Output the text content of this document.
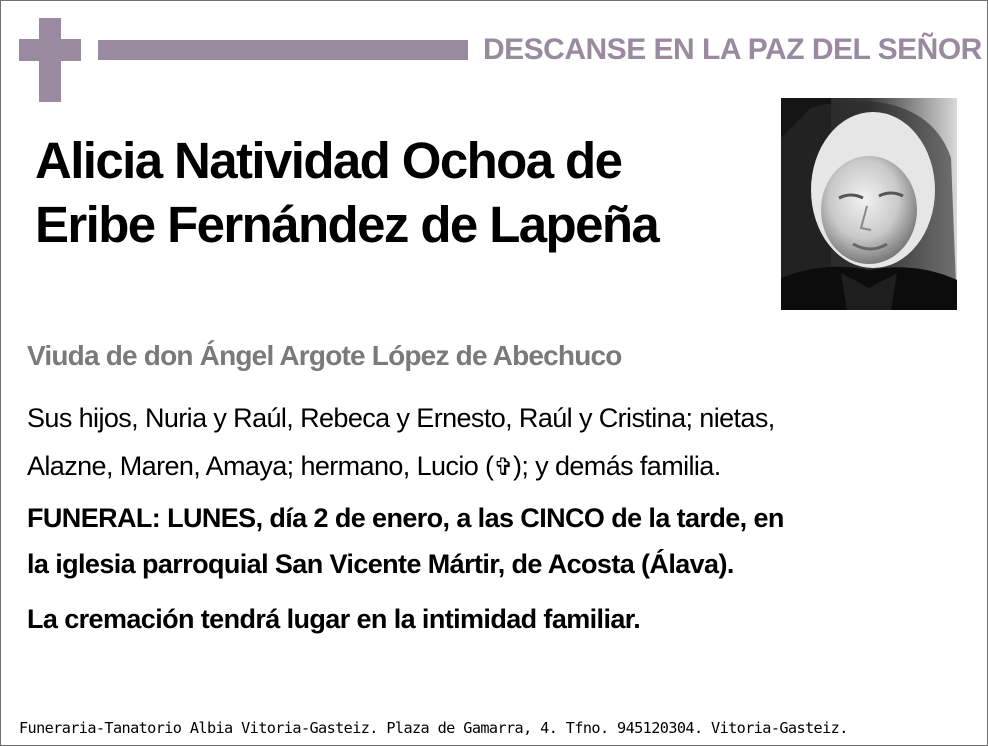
DESCANSE EN LA PAZ DEL SEÑOR
Alicia Natividad Ochoa de
Eribe Fernández de Lapeña
Viuda de don Ángel Argote López de Abechuco
Sus hijos, Nuria y Raúl, Rebeca y Ernesto, Raúl y Cristina; nietas,
Alazne, Maren, Amaya; hermano, Lucio (✞); y demás familia.
FUNERAL: LUNES, día 2 de enero, a las CINCO de la tarde, en
la iglesia parroquial San Vicente Mártir, de Acosta (Álava).
La cremación tendrá lugar en la intimidad familiar.
Funeraria-Tanatorio Albia Vitoria-Gasteiz. Plaza de Gamarra, 4. Tfno. 945120304. Vitoria-Gasteiz.
